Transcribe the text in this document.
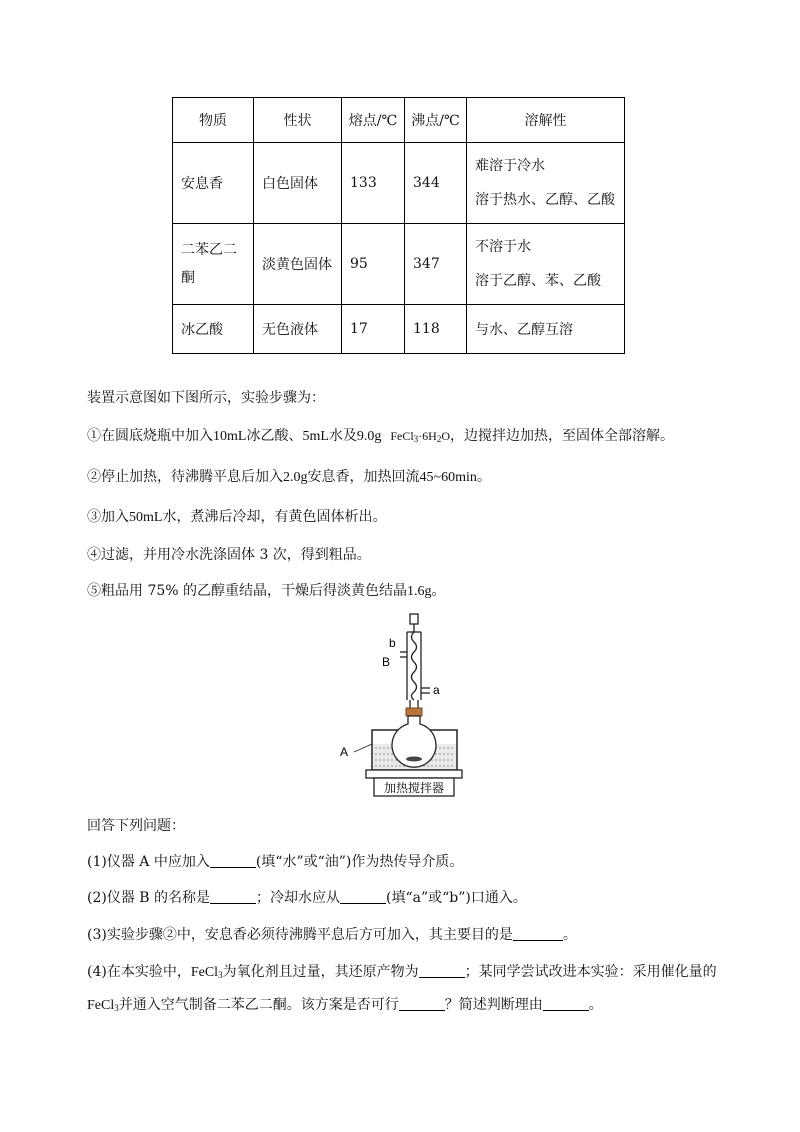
物质	性状	熔点/℃	沸点/℃	溶解性
安息香	白色固体	133	344	难溶于冷水
溶于热水、乙醇、乙酸

二苯乙二酮	淡黄色固体	95	347	不溶于水
溶于乙醇、苯、乙酸

冰乙酸	无色液体	17	118	与水、乙醇互溶
装置示意图如下图所示，实验步骤为：
①在圆底烧瓶中加入10mL冰乙酸、5mL水及9.0g $FeCl_3\cdot 6H_2O$，边搅拌边加热，至固体全部溶解。
②停止加热，待沸腾平息后加入2.0g安息香，加热回流45~60min。
③加入50mL水，煮沸后冷却，有黄色固体析出。
④过滤，并用冷水洗涤固体 3 次，得到粗品。
⑤粗品用 75% 的乙醇重结晶，干燥后得淡黄色结晶1.6g。
b
B
a
A
加热搅拌器
回答下列问题：
(1)仪器 A 中应加入	(填“水”或“油”)作为热传导介质。
(2)仪器 B 的名称是	；冷却水应从	(填“a”或“b”)口通入。
(3)实验步骤②中，安息香必须待沸腾平息后方可加入，其主要目的是	。
(4)在本实验中，FeCl$_3$为氧化剂且过量，其还原产物为	；某同学尝试改进本实验：采用催化量的
FeCl$_3$并通入空气制备二苯乙二酮。该方案是否可行	？简述判断理由	。
